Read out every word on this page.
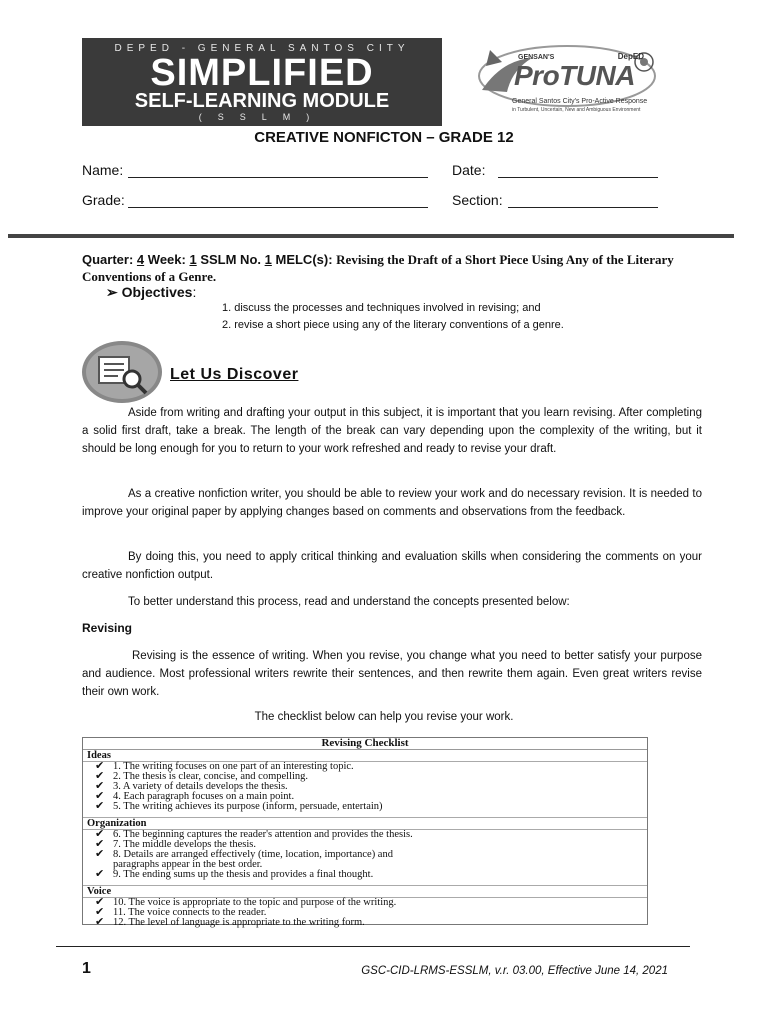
DEPED - GENERAL SANTOS CITY
SIMPLIFIED
SELF-LEARNING MODULE
(SSLM)
DepED
GENSAN'S
ProTUNA
General Santos City's Pro-Active Response
in Turbulent, Uncertain, New and Ambiguous Environment
CREATIVE NONFICTON – GRADE 12
Name:	Date:
Grade:	Section:
Quarter: 4 Week: 1 SSLM No. 1 MELC(s): Revising the Draft of a Short Piece Using Any of the Literary Conventions of a Genre.
➢ Objectives:
1. discuss the processes and techniques involved in revising; and
2. revise a short piece using any of the literary conventions of a genre.
Let Us Discover
Aside from writing and drafting your output in this subject, it is important that you learn revising. After completing a solid first draft, take a break. The length of the break can vary depending upon the complexity of the writing, but it should be long enough for you to return to your work refreshed and ready to revise your draft.
As a creative nonfiction writer, you should be able to review your work and do necessary revision. It is needed to improve your original paper by applying changes based on comments and observations from the feedback.
By doing this, you need to apply critical thinking and evaluation skills when considering the comments on your creative nonfiction output.
To better understand this process, read and understand the concepts presented below:
Revising
Revising is the essence of writing. When you revise, you change what you need to better satisfy your purpose and audience. Most professional writers rewrite their sentences, and then rewrite them again. Even great writers revise their own work.
The checklist below can help you revise your work.
Revising Checklist
Ideas
✔ 1. The writing focuses on one part of an interesting topic.
✔ 2. The thesis is clear, concise, and compelling.
✔ 3. A variety of details develops the thesis.
✔ 4. Each paragraph focuses on a main point.
✔ 5. The writing achieves its purpose (inform, persuade, entertain)
Organization
✔ 6. The beginning captures the reader's attention and provides the thesis.
✔ 7. The middle develops the thesis.
✔ 8. Details are arranged effectively (time, location, importance) and
paragraphs appear in the best order.
✔ 9. The ending sums up the thesis and provides a final thought.
Voice
✔ 10. The voice is appropriate to the topic and purpose of the writing.
✔ 11. The voice connects to the reader.
✔ 12. The level of language is appropriate to the writing form.
1	GSC-CID-LRMS-ESSLM, v.r. 03.00, Effective June 14, 2021
